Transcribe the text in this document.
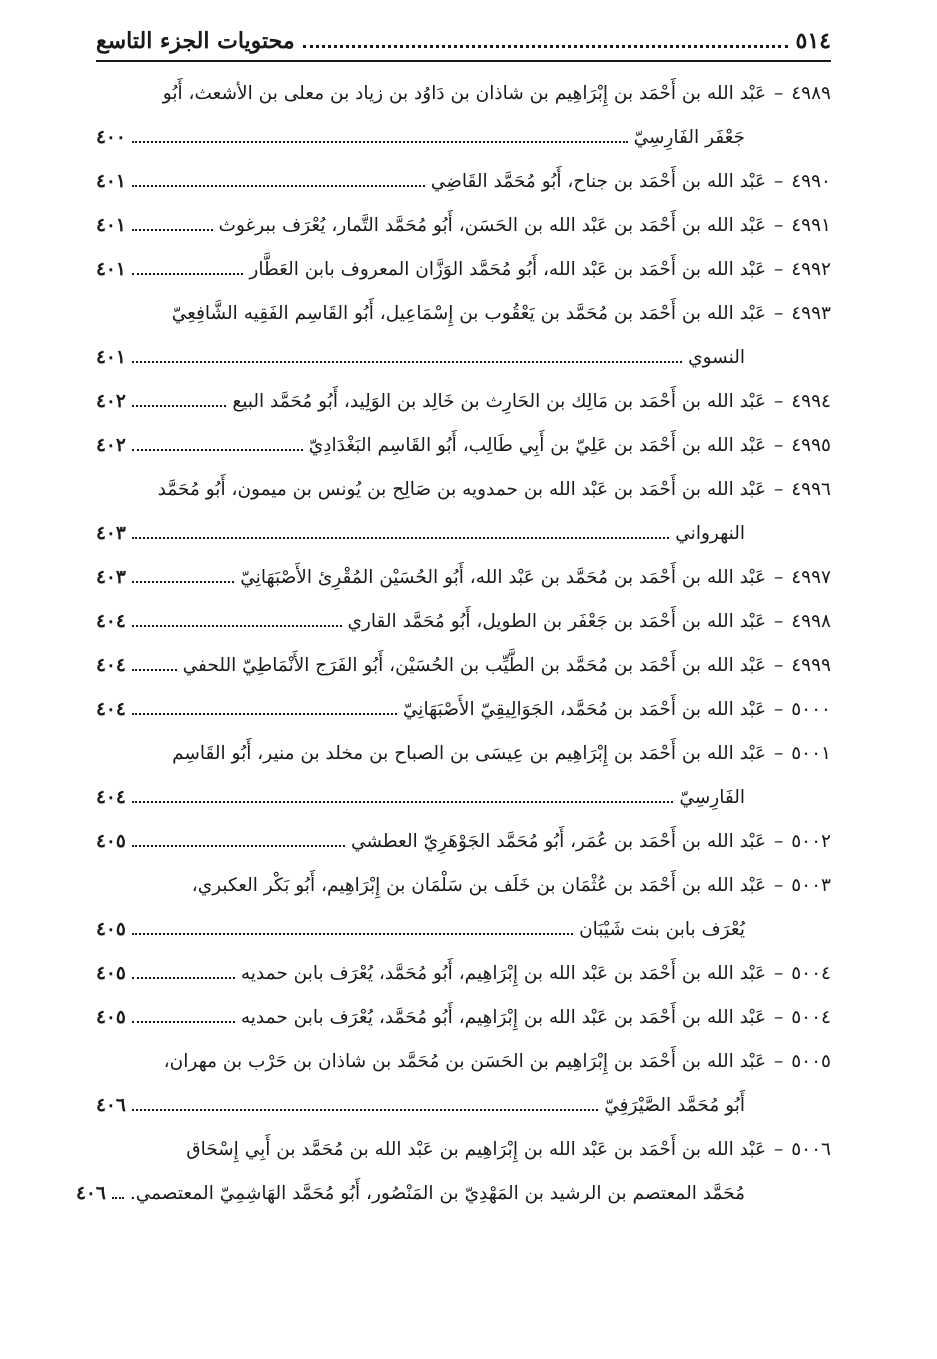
٥١٤
محتويات الجزء التاسع
٤٩٨٩
–
عَبْد الله بن أَحْمَد بن إِبْرَاهِيم بن شاذان بن دَاوُد بن زياد بن معلى بن الأشعث، أَبُو
جَعْفَر الفَارِسِيّ
٤٠٠
٤٩٩٠
–
عَبْد الله بن أَحْمَد بن جناح، أَبُو مُحَمَّد القَاضِي
٤٠١
٤٩٩١
–
عَبْد الله بن أَحْمَد بن عَبْد الله بن الحَسَن، أَبُو مُحَمَّد التَّمار، يُعْرَف ببرغوث
٤٠١
٤٩٩٢
–
عَبْد الله بن أَحْمَد بن عَبْد الله، أَبُو مُحَمَّد الوَزَّان المعروف بابن العَطَّار
٤٠١
٤٩٩٣
–
عَبْد الله بن أَحْمَد بن مُحَمَّد بن يَعْقُوب بن إِسْمَاعِيل، أَبُو القَاسِم الفَقِيه الشَّافِعِيّ
النسوي
٤٠١
٤٩٩٤
–
عَبْد الله بن أَحْمَد بن مَالِك بن الحَارِث بن خَالِد بن الوَلِيد، أَبُو مُحَمَّد البيع
٤٠٢
٤٩٩٥
–
عَبْد الله بن أَحْمَد بن عَلِيّ بن أَبِي طَالِب، أَبُو القَاسِم البَغْدَادِيّ
٤٠٢
٤٩٩٦
–
عَبْد الله بن أَحْمَد بن عَبْد الله بن حمدويه بن صَالِح بن يُونس بن ميمون، أَبُو مُحَمَّد
النهرواني
٤٠٣
٤٩٩٧
–
عَبْد الله بن أَحْمَد بن مُحَمَّد بن عَبْد الله، أَبُو الحُسَيْن المُقْرِئ الأَصْبَهَانِيّ
٤٠٣
٤٩٩٨
–
عَبْد الله بن أَحْمَد بن جَعْفَر بن الطويل، أَبُو مُحَمَّد القاري
٤٠٤
٤٩٩٩
–
عَبْد الله بن أَحْمَد بن مُحَمَّد بن الطَّيِّب بن الحُسَيْن، أَبُو الفَرَج الأَنْمَاطِيّ اللحفي
٤٠٤
٥٠٠٠
–
عَبْد الله بن أَحْمَد بن مُحَمَّد، الجَوَالِيقِيّ الأَصْبَهَانِيّ
٤٠٤
٥٠٠١
–
عَبْد الله بن أَحْمَد بن إِبْرَاهِيم بن عِيسَى بن الصباح بن مخلد بن منير، أَبُو القَاسِم
الفَارِسِيّ
٤٠٤
٥٠٠٢
–
عَبْد الله بن أَحْمَد بن عُمَر، أَبُو مُحَمَّد الجَوْهَرِيّ العطشي
٤٠٥
٥٠٠٣
–
عَبْد الله بن أَحْمَد بن عُثْمَان بن خَلَف بن سَلْمَان بن إِبْرَاهِيم، أَبُو بَكْر العكبري،
يُعْرَف بابن بنت شَيْبَان
٤٠٥
٥٠٠٤
–
عَبْد الله بن أَحْمَد بن عَبْد الله بن إِبْرَاهِيم، أَبُو مُحَمَّد، يُعْرَف بابن حمديه
٤٠٥
٥٠٠٤
–
عَبْد الله بن أَحْمَد بن عَبْد الله بن إِبْرَاهِيم، أَبُو مُحَمَّد، يُعْرَف بابن حمديه
٤٠٥
٥٠٠٥
–
عَبْد الله بن أَحْمَد بن إِبْرَاهِيم بن الحَسَن بن مُحَمَّد بن شاذان بن حَرْب بن مهران،
أَبُو مُحَمَّد الصَّيْرَفِيّ
٤٠٦
٥٠٠٦
–
عَبْد الله بن أَحْمَد بن عَبْد الله بن إِبْرَاهِيم بن عَبْد الله بن مُحَمَّد بن أَبِي إِسْحَاق
مُحَمَّد المعتصم بن الرشيد بن المَهْدِيّ بن المَنْصُور، أَبُو مُحَمَّد الهَاشِمِيّ المعتصمي.
٤٠٦
